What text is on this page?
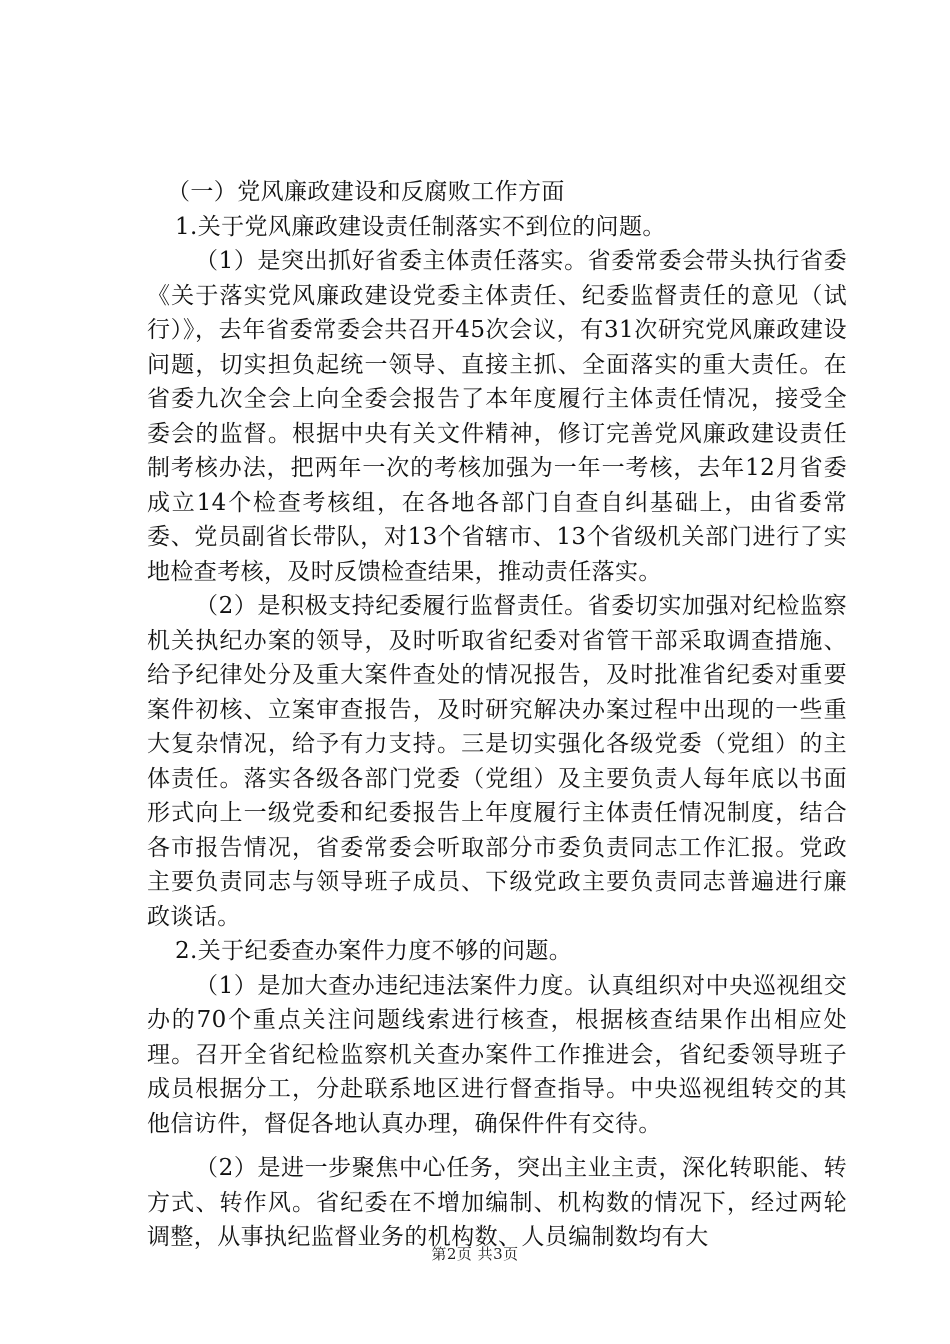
（一）党风廉政建设和反腐败工作方面

1.关于党风廉政建设责任制落实不到位的问题。

（1）是突出抓好省委主体责任落实。省委常委会带头执行省委《关于落实党风廉政建设党委主体责任、纪委监督责任的意见（试行）》，去年省委常委会共召开45次会议，有31次研究党风廉政建设问题，切实担负起统一领导、直接主抓、全面落实的重大责任。在省委九次全会上向全委会报告了本年度履行主体责任情况，接受全委会的监督。根据中央有关文件精神，修订完善党风廉政建设责任制考核办法，把两年一次的考核加强为一年一考核，去年12月省委成立14个检查考核组，在各地各部门自查自纠基础上，由省委常委、党员副省长带队，对13个省辖市、13个省级机关部门进行了实地检查考核，及时反馈检查结果，推动责任落实。

（2）是积极支持纪委履行监督责任。省委切实加强对纪检监察机关执纪办案的领导，及时听取省纪委对省管干部采取调查措施、给予纪律处分及重大案件查处的情况报告，及时批准省纪委对重要案件初核、立案审查报告，及时研究解决办案过程中出现的一些重大复杂情况，给予有力支持。三是切实强化各级党委（党组）的主体责任。落实各级各部门党委（党组）及主要负责人每年底以书面形式向上一级党委和纪委报告上年度履行主体责任情况制度，结合各市报告情况，省委常委会听取部分市委负责同志工作汇报。党政主要负责同志与领导班子成员、下级党政主要负责同志普遍进行廉政谈话。

2.关于纪委查办案件力度不够的问题。

（1）是加大查办违纪违法案件力度。认真组织对中央巡视组交办的70个重点关注问题线索进行核查，根据核查结果作出相应处理。召开全省纪检监察机关查办案件工作推进会，省纪委领导班子成员根据分工，分赴联系地区进行督查指导。中央巡视组转交的其他信访件，督促各地认真办理，确保件件有交待。

（2）是进一步聚焦中心任务，突出主业主责，深化转职能、转方式、转作风。省纪委在不增加编制、机构数的情况下，经过两轮调整，从事执纪监督业务的机构数、人员编制数均有大

第2页 共3页
